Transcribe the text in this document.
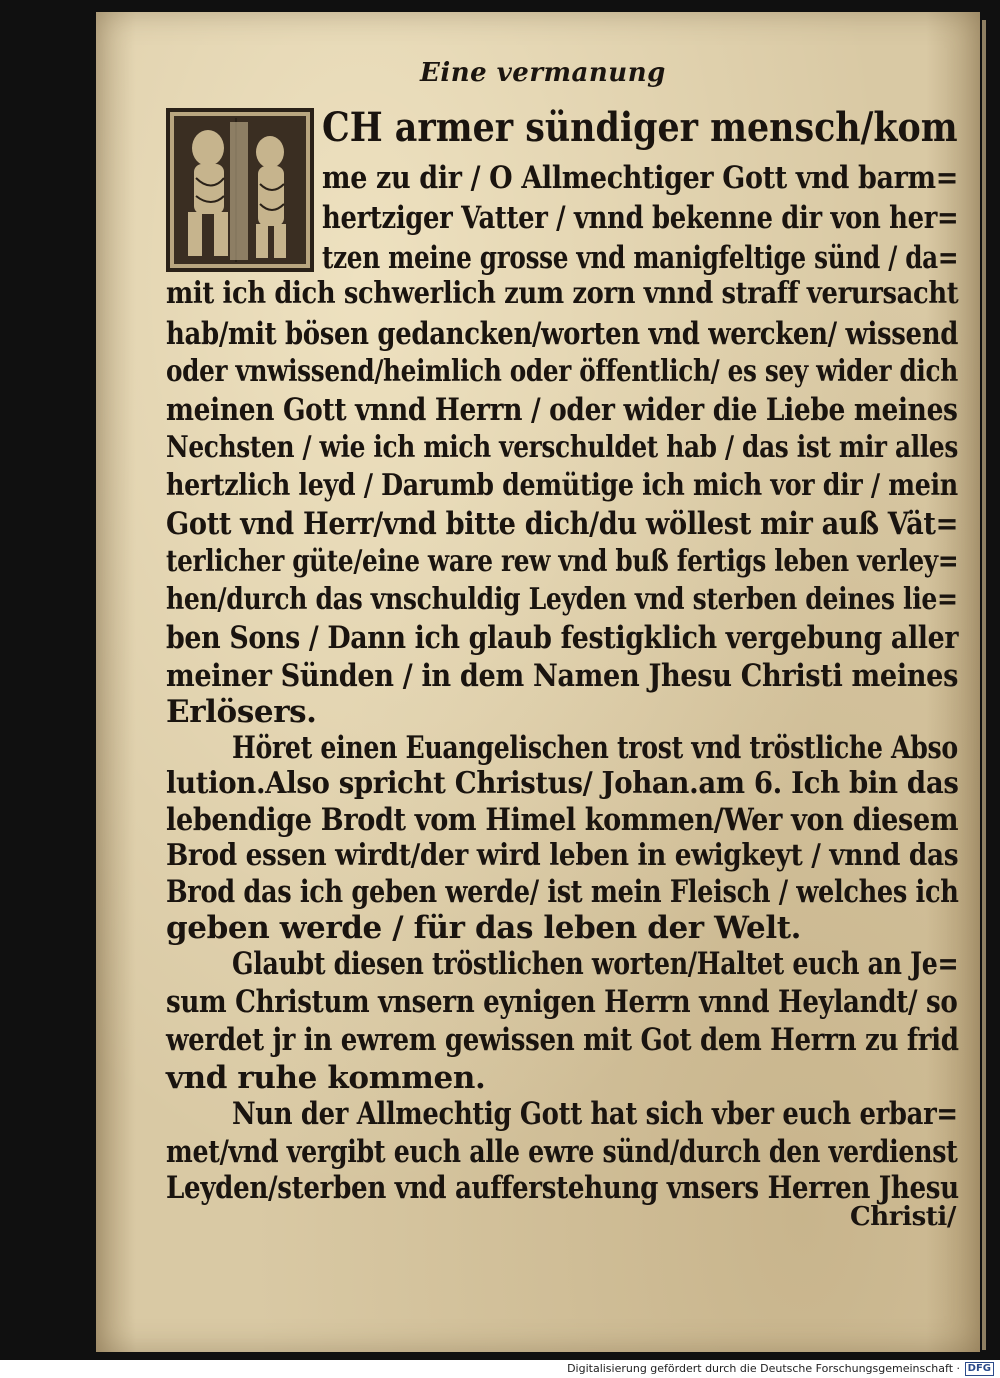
Eine vermanung
CH armer sündiger mensch/kom
me zu dir / O Allmechtiger Gott vnd barm=
hertziger Vatter / vnnd bekenne dir von her=
tzen meine grosse vnd manigfeltige sünd / da=
mit ich dich schwerlich zum zorn vnnd straff verursacht
hab/mit bösen gedancken/worten vnd wercken/ wissend
oder vnwissend/heimlich oder öffentlich/ es sey wider dich
meinen Gott vnnd Herrn / oder wider die Liebe meines
Nechsten / wie ich mich verschuldet hab / das ist mir alles
hertzlich leyd / Darumb demütige ich mich vor dir / mein
Gott vnd Herr/vnd bitte dich/du wöllest mir auß Vät=
terlicher güte/eine ware rew vnd buß fertigs leben verley=
hen/durch das vnschuldig Leyden vnd sterben deines lie=
ben Sons / Dann ich glaub festigklich vergebung aller
meiner Sünden / in dem Namen Jhesu Christi meines
Erlösers.
Höret einen Euangelischen trost vnd tröstliche Abso
lution.Also spricht Christus/ Johan.am 6. Ich bin das
lebendige Brodt vom Himel kommen/Wer von diesem
Brod essen wirdt/der wird leben in ewigkeyt / vnnd das
Brod das ich geben werde/ ist mein Fleisch / welches ich
geben werde / für das leben der Welt.
Glaubt diesen tröstlichen worten/Haltet euch an Je=
sum Christum vnsern eynigen Herrn vnnd Heylandt/ so
werdet jr in ewrem gewissen mit Got dem Herrn zu frid
vnd ruhe kommen.
Nun der Allmechtig Gott hat sich vber euch erbar=
met/vnd vergibt euch alle ewre sünd/durch den verdienst
Leyden/sterben vnd aufferstehung vnsers Herren Jhesu
Christi/
Digitalisierung gefördert durch die Deutsche Forschungsgemeinschaft · DFG
